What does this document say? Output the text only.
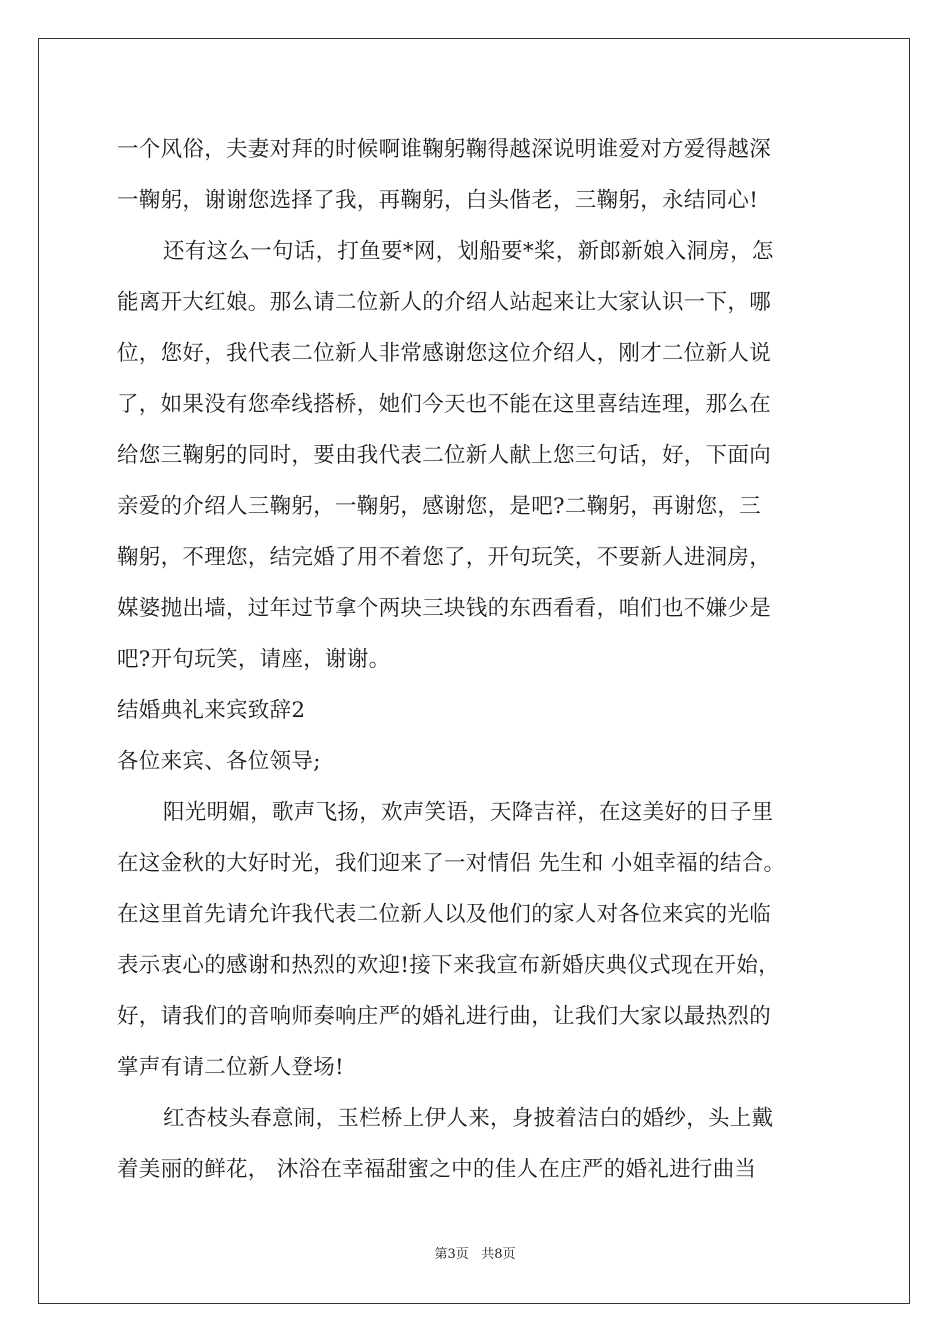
一个风俗，夫妻对拜的时候啊谁鞠躬鞠得越深说明谁爱对方爱得越深
一鞠躬，谢谢您选择了我，再鞠躬，白头偕老，三鞠躬，永结同心!
还有这么一句话，打鱼要*网，划船要*桨，新郎新娘入洞房，怎
能离开大红娘。那么请二位新人的介绍人站起来让大家认识一下，哪
位，您好，我代表二位新人非常感谢您这位介绍人，刚才二位新人说
了，如果没有您牵线搭桥，她们今天也不能在这里喜结连理，那么在
给您三鞠躬的同时，要由我代表二位新人献上您三句话，好，下面向
亲爱的介绍人三鞠躬，一鞠躬，感谢您，是吧?二鞠躬，再谢您，三
鞠躬，不理您，结完婚了用不着您了，开句玩笑，不要新人进洞房，
媒婆抛出墙，过年过节拿个两块三块钱的东西看看，咱们也不嫌少是
吧?开句玩笑，请座，谢谢。
结婚典礼来宾致辞2
各位来宾、各位领导;
阳光明媚，歌声飞扬，欢声笑语，天降吉祥，在这美好的日子里
在这金秋的大好时光，我们迎来了一对情侣 先生和 小姐幸福的结合。
在这里首先请允许我代表二位新人以及他们的家人对各位来宾的光临
表示衷心的感谢和热烈的欢迎!接下来我宣布新婚庆典仪式现在开始，
好，请我们的音响师奏响庄严的婚礼进行曲，让我们大家以最热烈的
掌声有请二位新人登场!
红杏枝头春意闹，玉栏桥上伊人来，身披着洁白的婚纱，头上戴
着美丽的鲜花， 沐浴在幸福甜蜜之中的佳人在庄严的婚礼进行曲当
第3页 共8页
